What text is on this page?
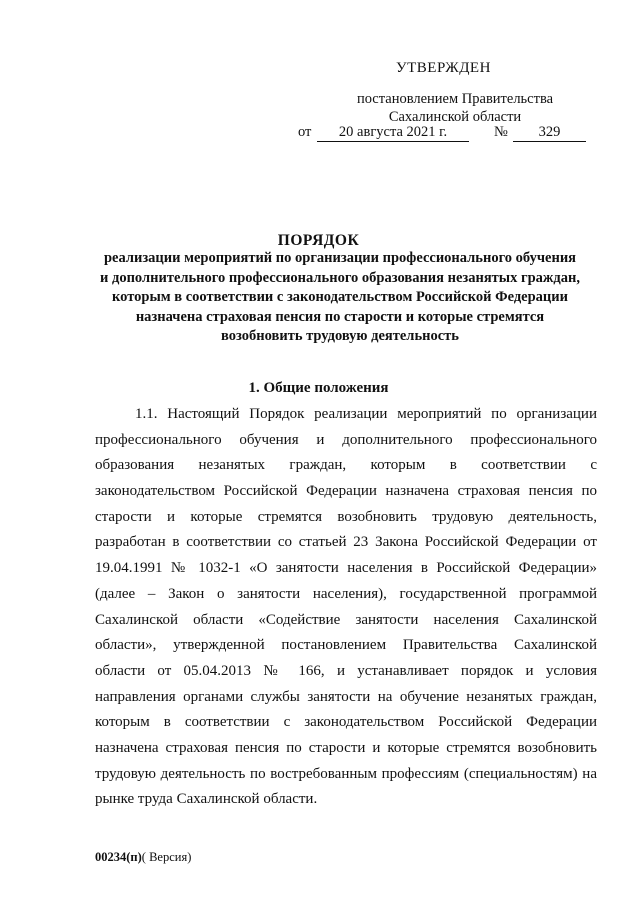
УТВЕРЖДЕН
постановлением Правительства
Сахалинской области
от	20 августа 2021 г.	№	329
ПОРЯДОК
реализации мероприятий по организации профессионального обучения
и дополнительного профессионального образования незанятых граждан,
которым в соответствии с законодательством Российской Федерации
назначена страховая пенсия по старости и которые стремятся
возобновить трудовую деятельность
1. Общие положения
1.1. Настоящий Порядок реализации мероприятий по организации
профессионального обучения и дополнительного профессионального
образования незанятых граждан, которым в соответствии с
законодательством Российской Федерации назначена страховая пенсия по
старости и которые стремятся возобновить трудовую деятельность,
разработан в соответствии со статьей 23 Закона Российской Федерации от
19.04.1991 № 1032-1 «О занятости населения в Российской Федерации»
(далее – Закон о занятости населения), государственной программой
Сахалинской области «Содействие занятости населения Сахалинской
области», утвержденной постановлением Правительства Сахалинской
области от 05.04.2013 № 166, и устанавливает порядок и условия
направления органами службы занятости на обучение незанятых граждан,
которым в соответствии с законодательством Российской Федерации
назначена страховая пенсия по старости и которые стремятся возобновить
трудовую деятельность по востребованным профессиям (специальностям) на
рынке труда Сахалинской области.
00234(п)( Версия)
